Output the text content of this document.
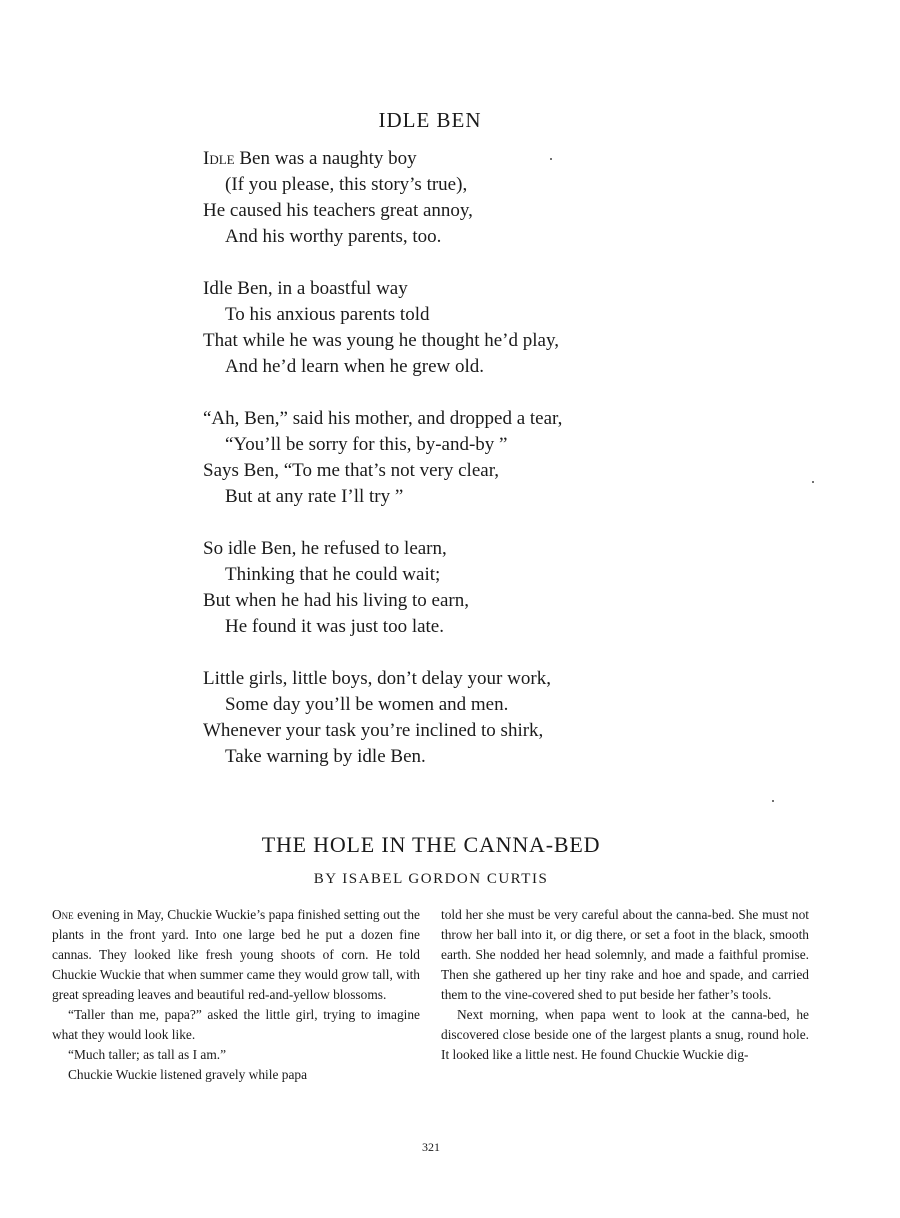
IDLE BEN
Idle Ben was a naughty boy
(If you please, this story’s true),
He caused his teachers great annoy,
And his worthy parents, too.
Idle Ben, in a boastful way
To his anxious parents told
That while he was young he thought he’d play,
And he’d learn when he grew old.
“Ah, Ben,” said his mother, and dropped a tear,
“You’ll be sorry for this, by-and-by ”
Says Ben, “To me that’s not very clear,
But at any rate I’ll try ”
So idle Ben, he refused to learn,
Thinking that he could wait;
But when he had his living to earn,
He found it was just too late.
Little girls, little boys, don’t delay your work,
Some day you’ll be women and men.
Whenever your task you’re inclined to shirk,
Take warning by idle Ben.
THE HOLE IN THE CANNA-BED
BY ISABEL GORDON CURTIS

One evening in May, Chuckie Wuckie’s papa finished setting out the plants in the front yard. Into one large bed he put a dozen fine cannas. They looked like fresh young shoots of corn. He told Chuckie Wuckie that when summer came they would grow tall, with great spreading leaves and beautiful red-and-yellow blossoms.

“Taller than me, papa?” asked the little girl, trying to imagine what they would look like.

“Much taller; as tall as I am.”

Chuckie Wuckie listened gravely while papa

told her she must be very careful about the canna-bed. She must not throw her ball into it, or dig there, or set a foot in the black, smooth earth. She nodded her head solemnly, and made a faithful promise. Then she gathered up her tiny rake and hoe and spade, and carried them to the vine-covered shed to put beside her father’s tools.

Next morning, when papa went to look at the canna-bed, he discovered close beside one of the largest plants a snug, round hole. It looked like a little nest. He found Chuckie Wuckie dig-

321
